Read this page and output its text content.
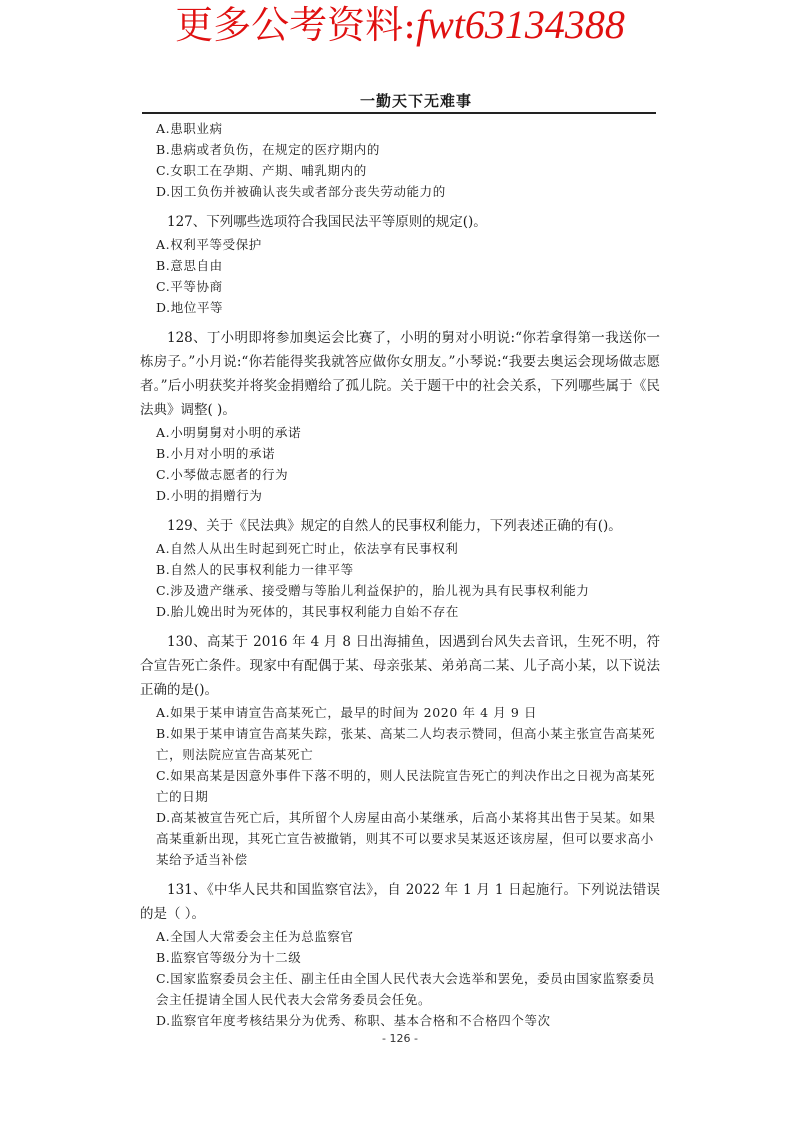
更多公考资料:fwt63134388
一勤天下无难事

A.患职业病

B.患病或者负伤，在规定的医疗期内的

C.女职工在孕期、产期、哺乳期内的

D.因工负伤并被确认丧失或者部分丧失劳动能力的

127、下列哪些选项符合我国民法平等原则的规定()。

A.权利平等受保护

B.意思自由

C.平等协商

D.地位平等

128、丁小明即将参加奥运会比赛了，小明的舅对小明说:“你若拿得第一我送你一栋房子。”小月说:“你若能得奖我就答应做你女朋友。”小琴说:“我要去奥运会现场做志愿者。”后小明获奖并将奖金捐赠给了孤儿院。关于题干中的社会关系，下列哪些属于《民法典》调整( )。

A.小明舅舅对小明的承诺

B.小月对小明的承诺

C.小琴做志愿者的行为

D.小明的捐赠行为

129、关于《民法典》规定的自然人的民事权利能力，下列表述正确的有()。

A.自然人从出生时起到死亡时止，依法享有民事权利

B.自然人的民事权利能力一律平等

C.涉及遗产继承、接受赠与等胎儿利益保护的，胎儿视为具有民事权利能力

D.胎儿娩出时为死体的，其民事权利能力自始不存在

130、高某于 2016 年 4 月 8 日出海捕鱼，因遇到台风失去音讯，生死不明，符合宣告死亡条件。现家中有配偶于某、母亲张某、弟弟高二某、儿子高小某，以下说法正确的是()。

A.如果于某申请宣告高某死亡，最早的时间为 2020 年 4 月 9 日

B.如果于某申请宣告高某失踪，张某、高某二人均表示赞同，但高小某主张宣告高某死亡，则法院应宣告高某死亡

C.如果高某是因意外事件下落不明的，则人民法院宣告死亡的判决作出之日视为高某死亡的日期

D.高某被宣告死亡后，其所留个人房屋由高小某继承，后高小某将其出售于吴某。如果高某重新出现，其死亡宣告被撤销，则其不可以要求吴某返还该房屋，但可以要求高小某给予适当补偿

131、《中华人民共和国监察官法》，自 2022 年 1 月 1 日起施行。下列说法错误的是（ ）。

A.全国人大常委会主任为总监察官

B.监察官等级分为十二级

C.国家监察委员会主任、副主任由全国人民代表大会选举和罢免，委员由国家监察委员会主任提请全国人民代表大会常务委员会任免。

D.监察官年度考核结果分为优秀、称职、基本合格和不合格四个等次

- 126 -
